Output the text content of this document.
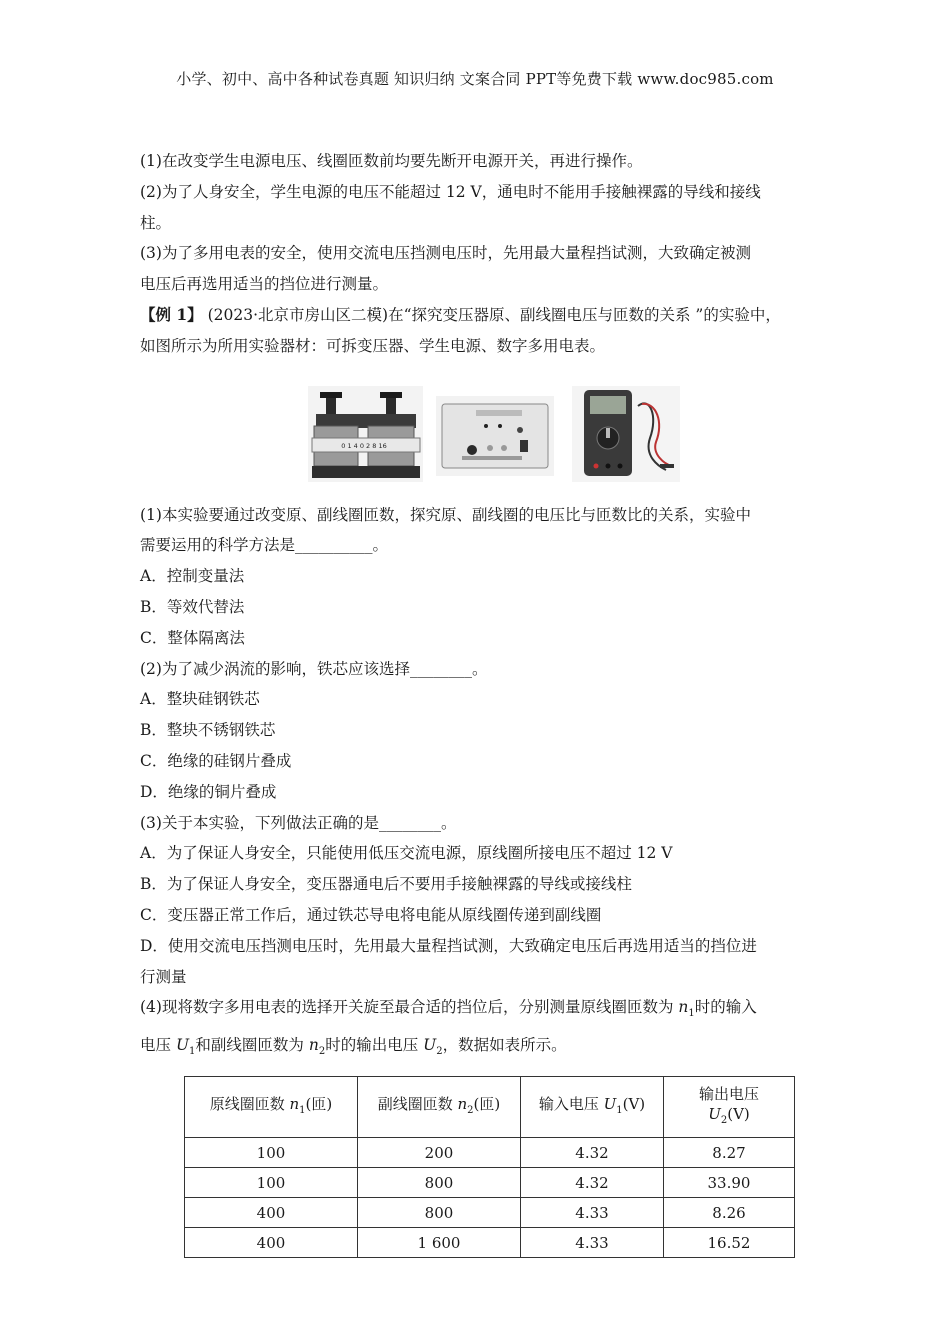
小学、初中、高中各种试卷真题 知识归纳 文案合同 PPT等免费下载 www.doc985.com

(1)在改变学生电源电压、线圈匝数前均要先断开电源开关，再进行操作。

(2)为了人身安全，学生电源的电压不能超过 12 V，通电时不能用手接触裸露的导线和接线

柱。

(3)为了多用电表的安全，使用交流电压挡测电压时，先用最大量程挡试测，大致确定被测

电压后再选用适当的挡位进行测量。

【例 1】 (2023·北京市房山区二模)在“探究变压器原、副线圈电压与匝数的关系 ”的实验中，

如图所示为所用实验器材：可拆变压器、学生电源、数字多用电表。

0 1 4 0 2 8 16

(1)本实验要通过改变原、副线圈匝数，探究原、副线圈的电压比与匝数比的关系，实验中

需要运用的科学方法是__________。

A．控制变量法

B．等效代替法

C．整体隔离法

(2)为了减少涡流的影响，铁芯应该选择________。

A．整块硅钢铁芯

B．整块不锈钢铁芯

C．绝缘的硅钢片叠成

D．绝缘的铜片叠成

(3)关于本实验，下列做法正确的是________。

A．为了保证人身安全，只能使用低压交流电源，原线圈所接电压不超过 12 V

B．为了保证人身安全，变压器通电后不要用手接触裸露的导线或接线柱

C．变压器正常工作后，通过铁芯导电将电能从原线圈传递到副线圈

D．使用交流电压挡测电压时，先用最大量程挡试测，大致确定电压后再选用适当的挡位进

行测量

(4)现将数字多用电表的选择开关旋至最合适的挡位后，分别测量原线圈匝数为 $n_1$时的输入

电压 $U_1$和副线圈匝数为 $n_2$时的输出电压 $U_2$，数据如表所示。

原线圈匝数 $n_1$(匝)	副线圈匝数 $n_2$(匝)	输入电压 $U_1(V)$	输出电压
$U_2(V)$
100	200	4.32	8.27
100	800	4.32	33.90
400	800	4.33	8.26
400	1 600	4.33	16.52
